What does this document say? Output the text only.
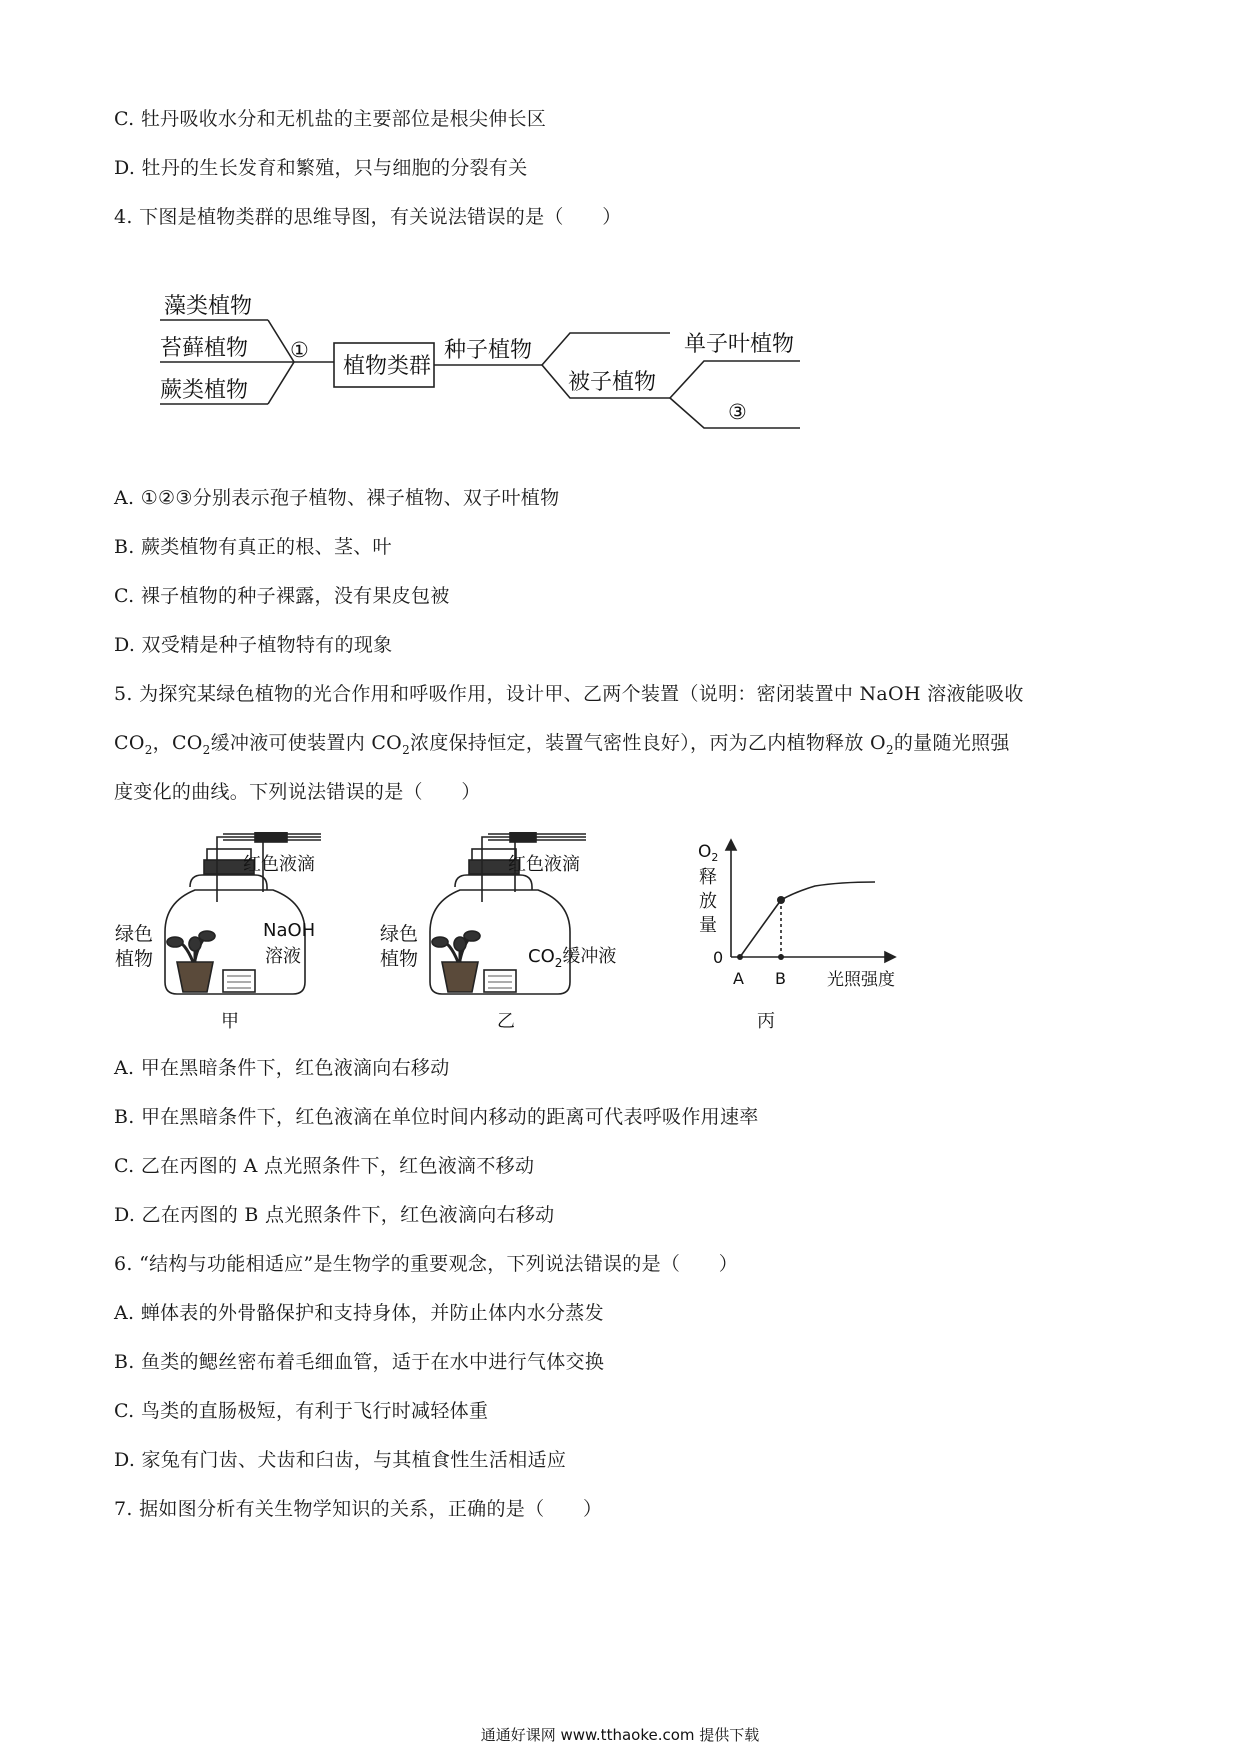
C. 牡丹吸收水分和无机盐的主要部位是根尖伸长区
D. 牡丹的生长发育和繁殖，只与细胞的分裂有关
4. 下图是植物类群的思维导图，有关说法错误的是（　　）
藻类植物
苔藓植物
蕨类植物
①
植物类群
种子植物
被子植物
单子叶植物
③
A. ①②③分别表示孢子植物、裸子植物、双子叶植物
B. 蕨类植物有真正的根、茎、叶
C. 裸子植物的种子裸露，没有果皮包被
D. 双受精是种子植物特有的现象
5. 为探究某绿色植物的光合作用和呼吸作用，设计甲、乙两个装置（说明：密闭装置中 NaOH 溶液能吸收
$CO_2$，$CO_2$缓冲液可使装置内 $CO_2$浓度保持恒定，装置气密性良好），丙为乙内植物释放 $O_2$的量随光照强
度变化的曲线。下列说法错误的是（　　）
红色液滴
绿色
植物
NaOH
溶液
甲
红色液滴
绿色
植物	$CO_2$缓冲液
乙
$O_2$
释
放
量
0
A B 光照强度
丙
A. 甲在黑暗条件下，红色液滴向右移动
B. 甲在黑暗条件下，红色液滴在单位时间内移动的距离可代表呼吸作用速率
C. 乙在丙图的 A 点光照条件下，红色液滴不移动
D. 乙在丙图的 B 点光照条件下，红色液滴向右移动
6. “结构与功能相适应”是生物学的重要观念，下列说法错误的是（　　）
A. 蝉体表的外骨骼保护和支持身体，并防止体内水分蒸发
B. 鱼类的鳃丝密布着毛细血管，适于在水中进行气体交换
C. 鸟类的直肠极短，有利于飞行时减轻体重
D. 家兔有门齿、犬齿和臼齿，与其植食性生活相适应
7. 据如图分析有关生物学知识的关系，正确的是（　　）
通通好课网 www.tthaoke.com 提供下载
